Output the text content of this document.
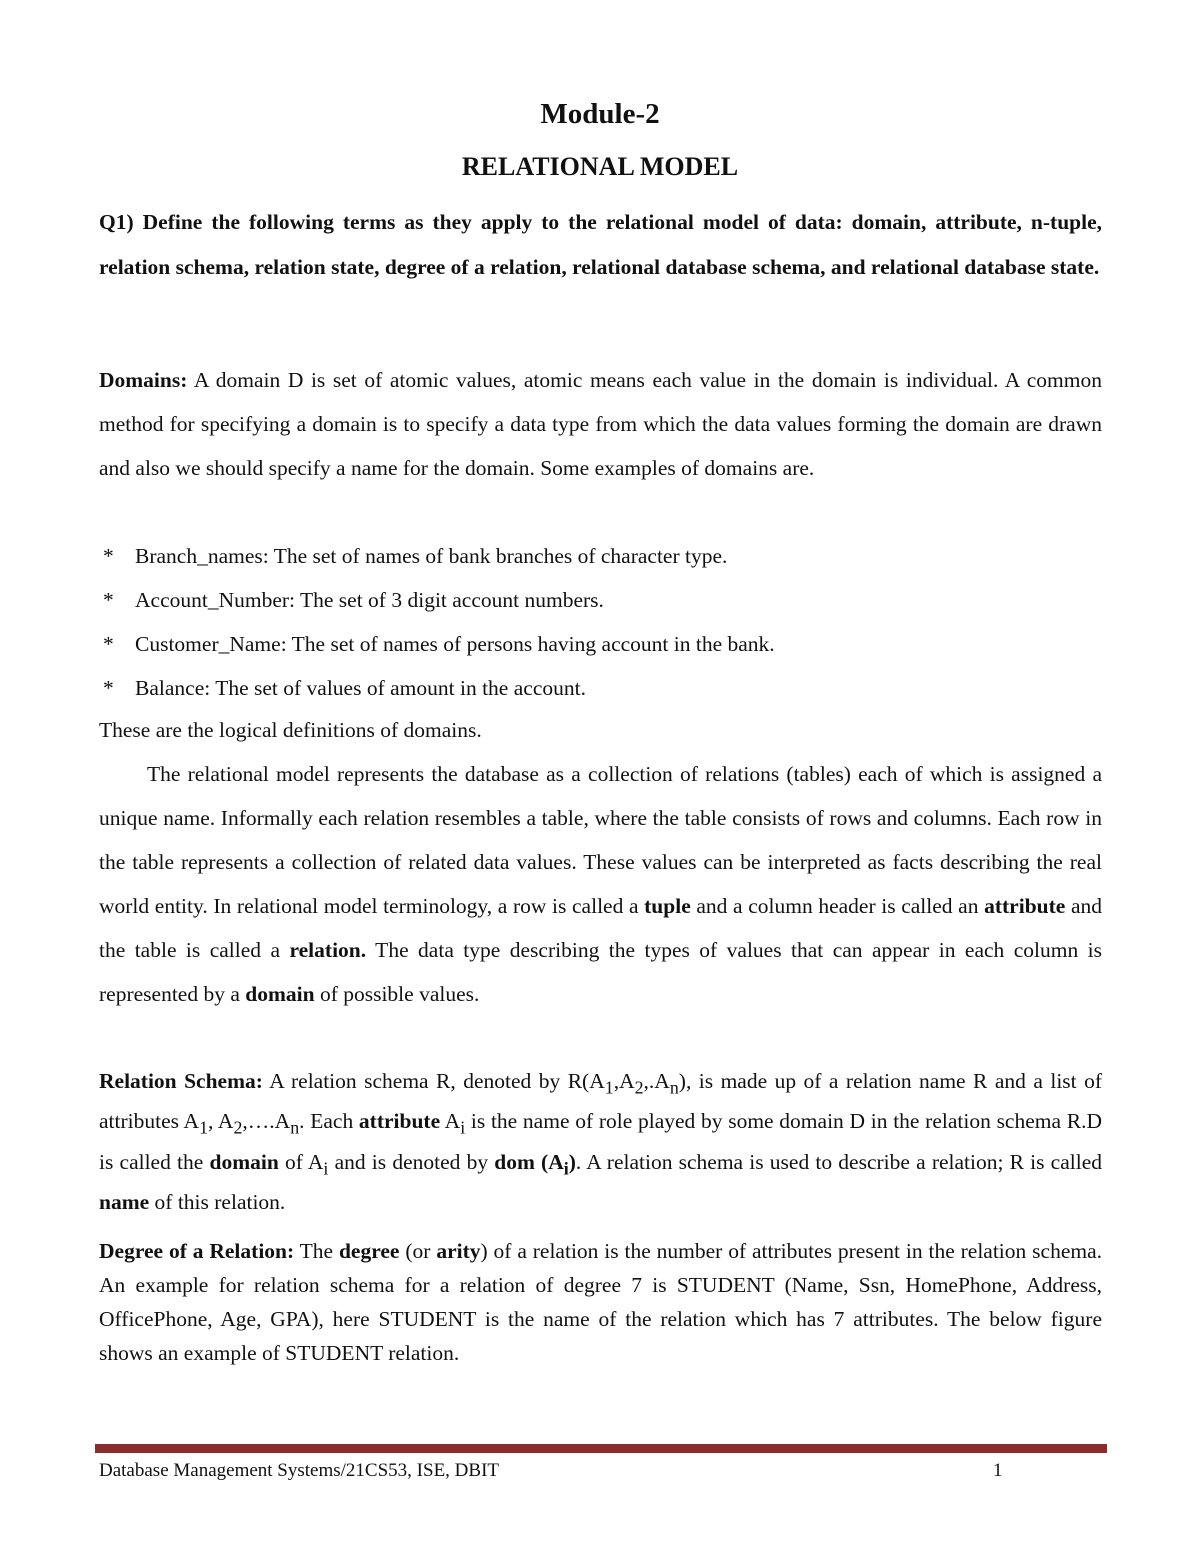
Module-2
RELATIONAL MODEL
Q1) Define the following terms as they apply to the relational model of data: domain, attribute, n-tuple, relation schema, relation state, degree of a relation, relational database schema, and relational database state.
Domains: A domain D is set of atomic values, atomic means each value in the domain is individual. A common method for specifying a domain is to specify a data type from which the data values forming the domain are drawn and also we should specify a name for the domain. Some examples of domains are.
* Branch_names: The set of names of bank branches of character type.
* Account_Number: The set of 3 digit account numbers.
* Customer_Name: The set of names of persons having account in the bank.
* Balance: The set of values of amount in the account.
These are the logical definitions of domains.
The relational model represents the database as a collection of relations (tables) each of which is assigned a unique name. Informally each relation resembles a table, where the table consists of rows and columns. Each row in the table represents a collection of related data values. These values can be interpreted as facts describing the real world entity. In relational model terminology, a row is called a tuple and a column header is called an attribute and the table is called a relation. The data type describing the types of values that can appear in each column is represented by a domain of possible values.
Relation Schema: A relation schema R, denoted by $R(A_1,A_2,.A_n)$, is made up of a relation name R and a list of attributes $A_1$, $A_2,\dots.A_n$. Each attribute $A_i$ is the name of role played by some domain D in the relation schema R.D is called the domain of $A_i$ and is denoted by dom $(A_i)$. A relation schema is used to describe a relation; R is called name of this relation.
Degree of a Relation: The degree (or arity) of a relation is the number of attributes present in the relation schema. An example for relation schema for a relation of degree 7 is STUDENT (Name, Ssn, HomePhone, Address, OfficePhone, Age, GPA), here STUDENT is the name of the relation which has 7 attributes. The below figure shows an example of STUDENT relation.
Database Management Systems/21CS53, ISE, DBIT	1
